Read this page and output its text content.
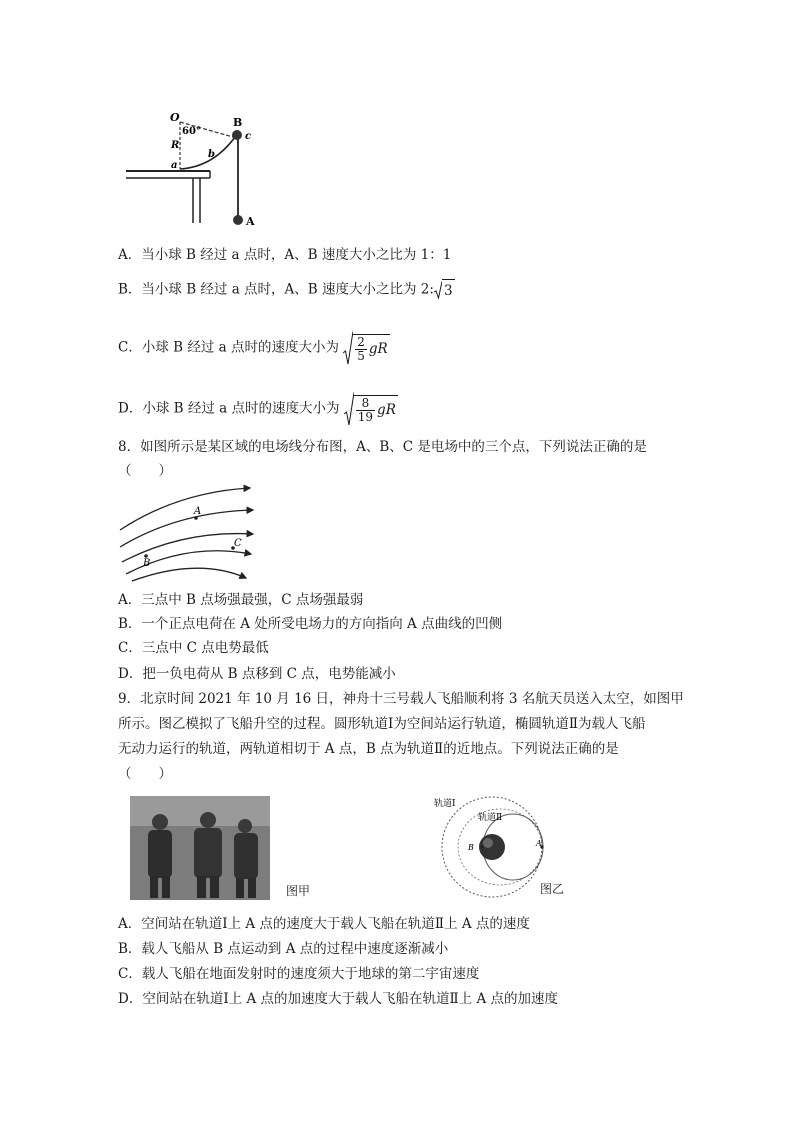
O
60°
R
B
c
b
a
A
A．当小球 B 经过 a 点时，A、B 速度大小之比为 1：1
B．当小球 B 经过 a 点时，A、B 速度大小之比为 2: 3
C．小球 B 经过 a 点时的速度大小为 $\frac{2}{5}$ gR
D．小球 B 经过 a 点时的速度大小为 $\frac{8}{19}$ gR
8．如图所示是某区域的电场线分布图，A、B、C 是电场中的三个点，下列说法正确的是
（　　）
A
C
B
A．三点中 B 点场强最强，C 点场强最弱
B．一个正点电荷在 A 处所受电场力的方向指向 A 点曲线的凹侧
C．三点中 C 点电势最低
D．把一负电荷从 B 点移到 C 点，电势能减小
9．北京时间 2021 年 10 月 16 日，神舟十三号载人飞船顺利将 3 名航天员送入太空，如图甲
所示。图乙模拟了飞船升空的过程。圆形轨道Ⅰ为空间站运行轨道，椭圆轨道Ⅱ为载人飞船
无动力运行的轨道，两轨道相切于 A 点，B 点为轨道Ⅱ的近地点。下列说法正确的是
（　　）
图甲
轨道Ⅰ
轨道Ⅱ
B	A
图乙
A．空间站在轨道Ⅰ上 A 点的速度大于载人飞船在轨道Ⅱ上 A 点的速度
B．载人飞船从 B 点运动到 A 点的过程中速度逐渐减小
C．载人飞船在地面发射时的速度须大于地球的第二宇宙速度
D．空间站在轨道Ⅰ上 A 点的加速度大于载人飞船在轨道Ⅱ上 A 点的加速度
